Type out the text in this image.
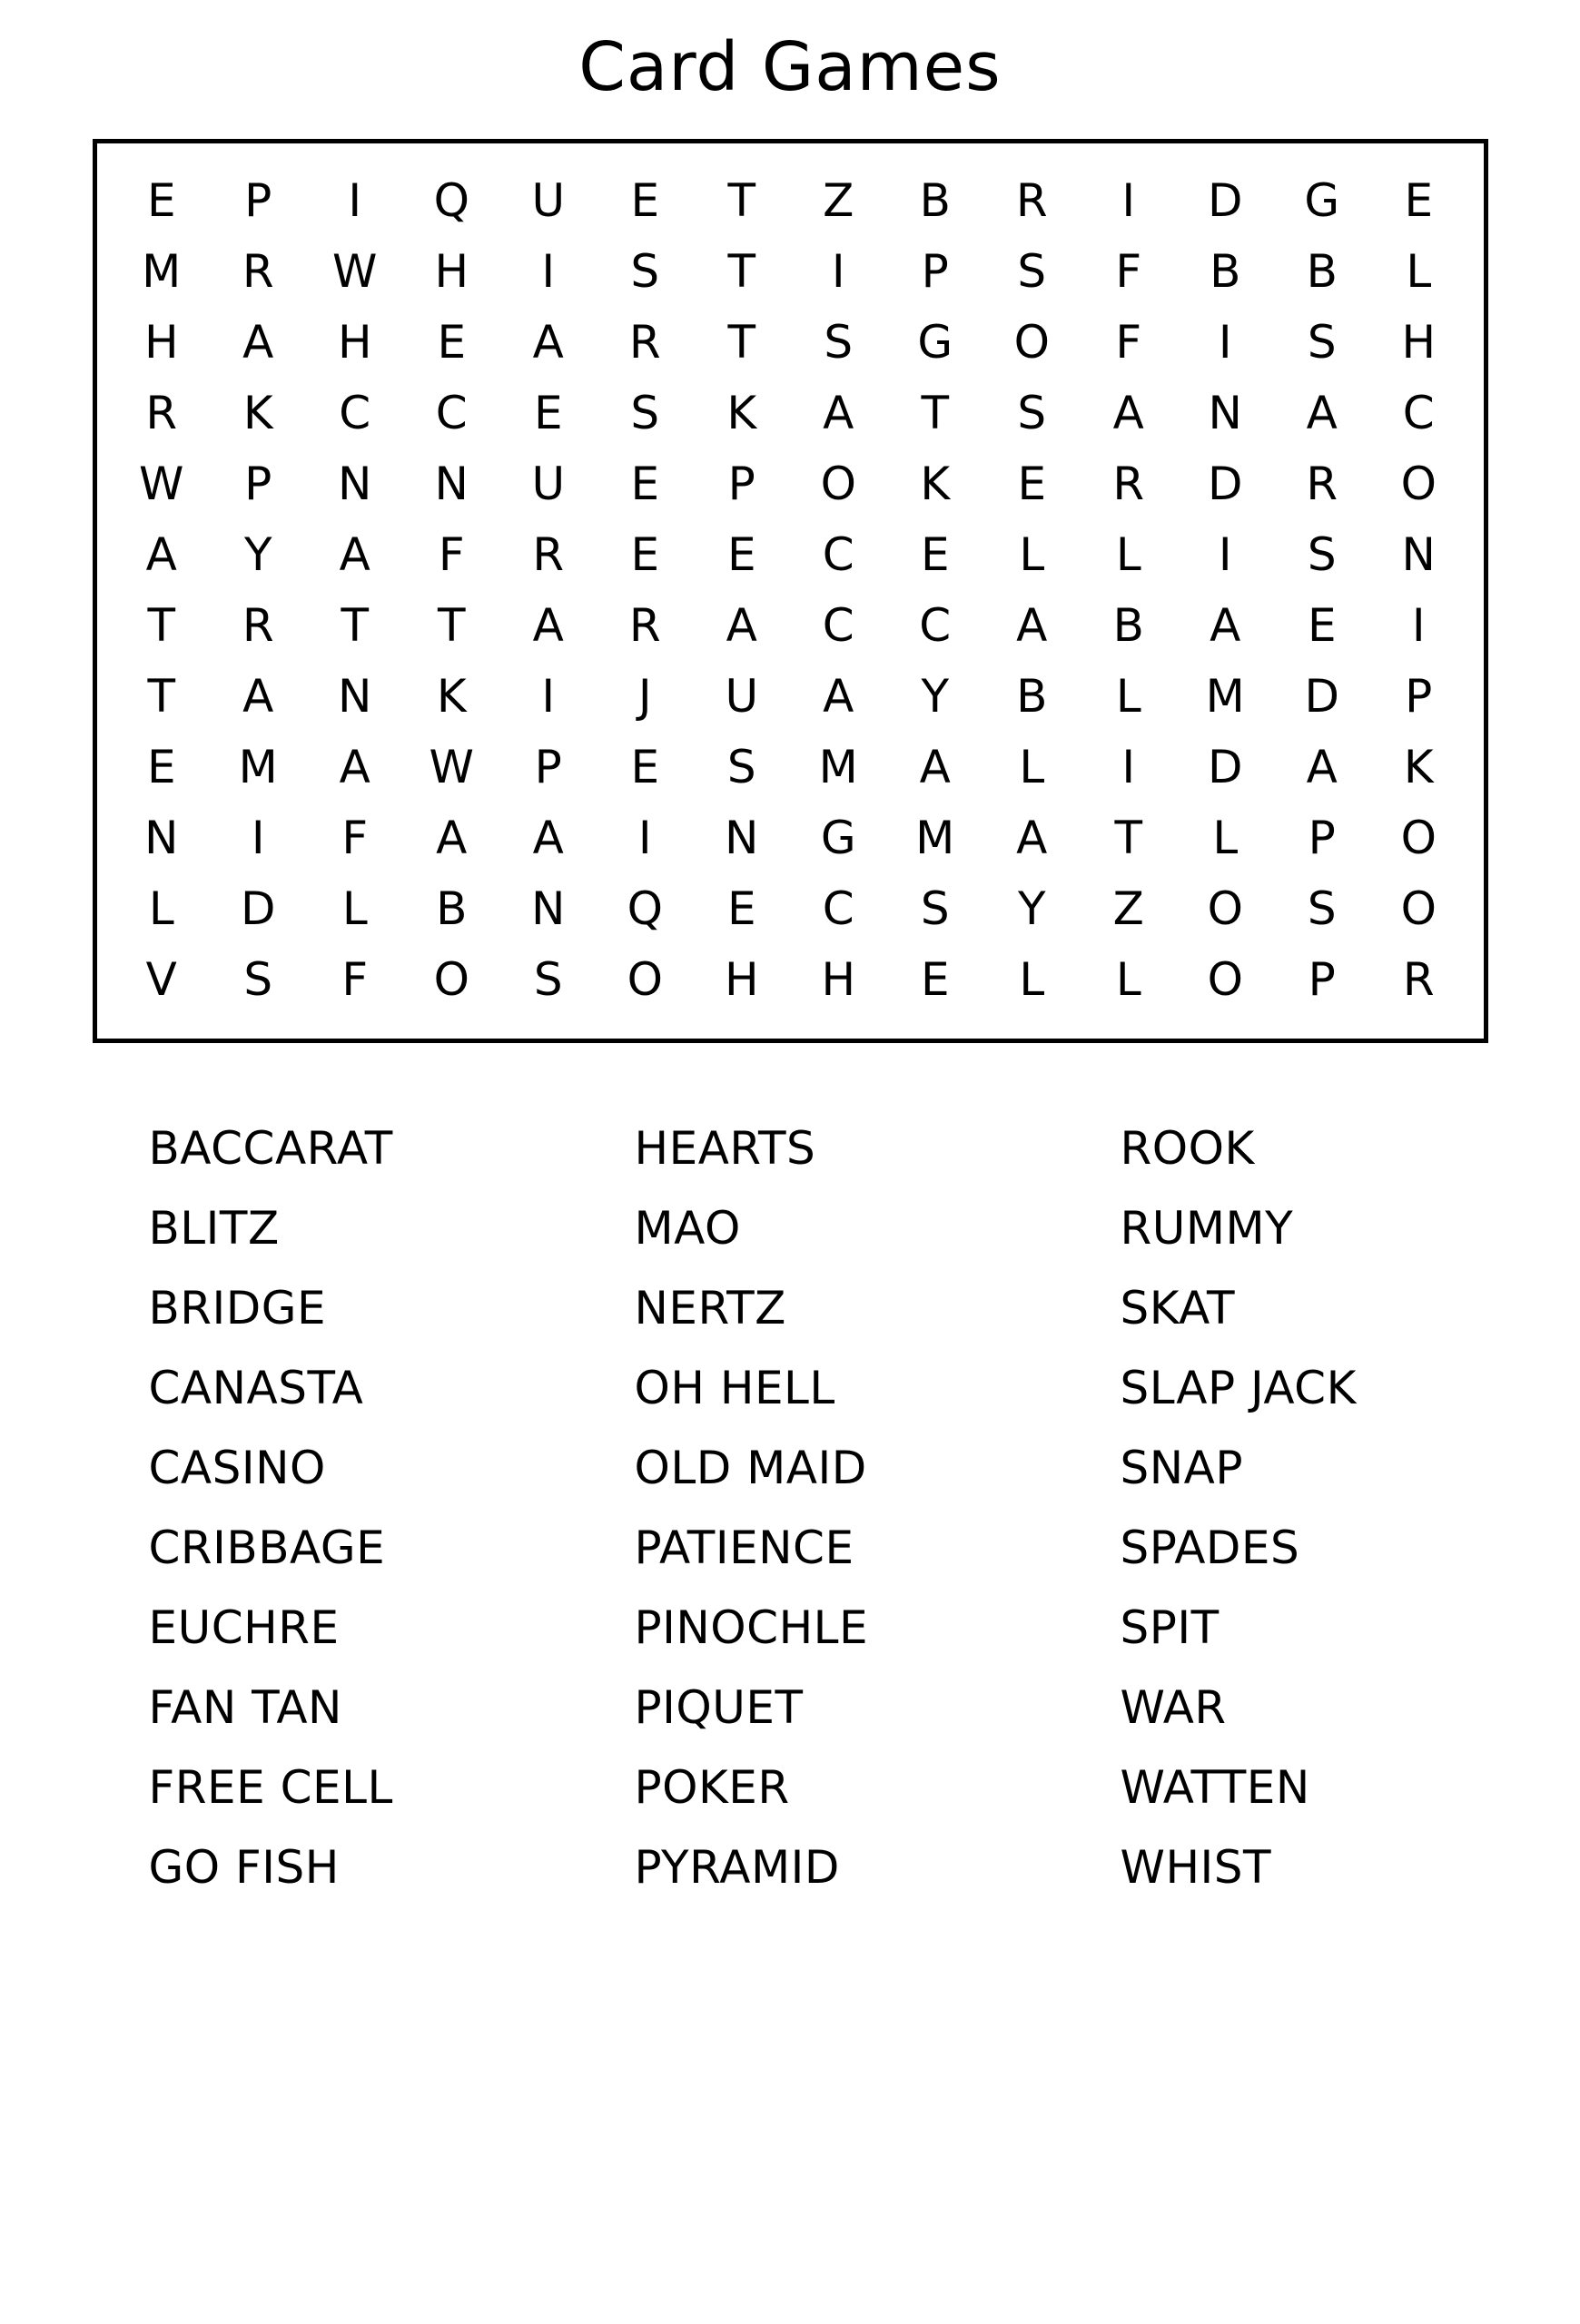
Card Games
E	P	I	Q	U	E	T	Z	B	R	I	D	G	E
M	R	W	H	I	S	T	I	P	S	F	B	B	L
H	A	H	E	A	R	T	S	G	O	F	I	S	H
R	K	C	C	E	S	K	A	T	S	A	N	A	C
W	P	N	N	U	E	P	O	K	E	R	D	R	O
A	Y	A	F	R	E	E	C	E	L	L	I	S	N
T	R	T	T	A	R	A	C	C	A	B	A	E	I
T	A	N	K	I	J	U	A	Y	B	L	M	D	P
E	M	A	W	P	E	S	M	A	L	I	D	A	K
N	I	F	A	A	I	N	G	M	A	T	L	P	O
L	D	L	B	N	Q	E	C	S	Y	Z	O	S	O
V	S	F	O	S	O	H	H	E	L	L	O	P	R
BACCARAT
BLITZ
BRIDGE
CANASTA
CASINO
CRIBBAGE
EUCHRE
FAN TAN
FREE CELL
GO FISH
HEARTS
MAO
NERTZ
OH HELL
OLD MAID
PATIENCE
PINOCHLE
PIQUET
POKER
PYRAMID
ROOK
RUMMY
SKAT
SLAP JACK
SNAP
SPADES
SPIT
WAR
WATTEN
WHIST
